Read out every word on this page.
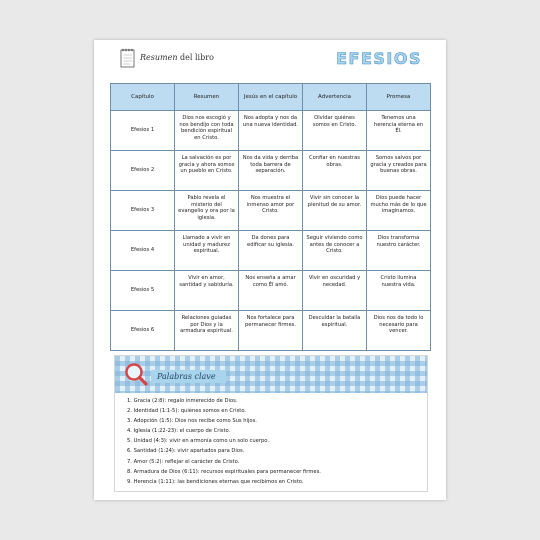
Resumen del libro	EFESIOS
Capítulo	Resumen	Jesús en el capítulo	Advertencia	Promesa
Efesios 1	Dios nos escogió y nos bendijo con toda bendición espiritual en Cristo.	Nos adopta y nos da una nueva identidad.	Olvidar quiénes somos en Cristo.	Tenemos una herencia eterna en Él.
Efesios 2	La salvación es por gracia y ahora somos un pueblo en Cristo.	Nos da vida y derriba toda barrera de separación.	Confiar en nuestras obras.	Somos salvos por gracia y creados para buenas obras.
Efesios 3	Pablo revela el misterio del evangelio y ora por la iglesia.	Nos muestra el inmenso amor por Cristo.	Vivir sin conocer la plenitud de su amor.	Dios puede hacer mucho más de lo que imaginamos.
Efesios 4	Llamado a vivir en unidad y madurez espiritual.	Da dones para edificar su iglesia.	Seguir viviendo como antes de conocer a Cristo.	Dios transforma nuestro carácter.
Efesios 5	Vivir en amor, santidad y sabiduría.	Nos enseña a amar como Él amó.	Vivir en oscuridad y necedad.	Cristo ilumina nuestra vida.
Efesios 6	Relaciones guiadas por Dios y la armadura espiritual.	Nos fortalece para permanecer firmes.	Descuidar la batalla espiritual.	Dios nos da todo lo necesario para vencer.
Palabras clave
1. Gracia (2:8): regalo inmerecido de Dios.
2. Identidad (1:1-5): quiénes somos en Cristo.
3. Adopción (1:5): Dios nos recibe como Sus hijos.
4. Iglesia (1:22-23): el cuerpo de Cristo.
5. Unidad (4:3): vivir en armonía como un solo cuerpo.
6. Santidad (1:24): vivir apartados para Dios.
7. Amor (5:2): reflejar el carácter de Cristo.
8. Armadura de Dios (6:11): recursos espirituales para permanecer firmes.
9. Herencia (1:11): las bendiciones eternas que recibimos en Cristo.
